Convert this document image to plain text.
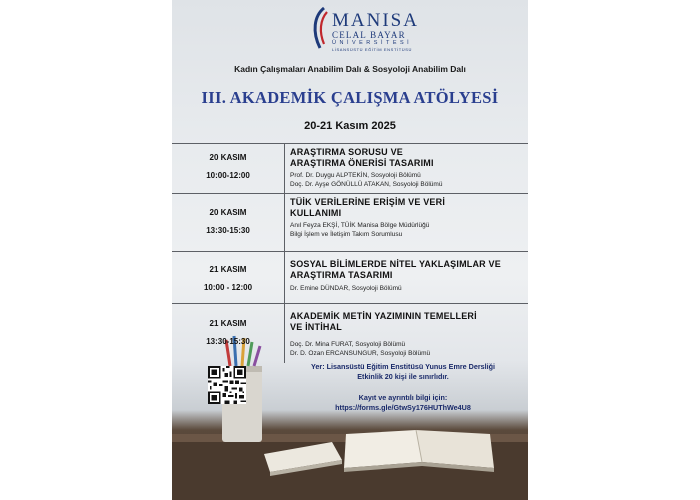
MANISA
CELAL BAYAR
ÜNİVERSİTESİ
LİSANSÜSTÜ EĞİTİM ENSTİTÜSÜ
Kadın Çalışmaları Anabilim Dalı & Sosyoloji Anabilim Dalı
III. AKADEMİK ÇALIŞMA ATÖLYESİ
20-21 Kasım 2025
20 KASIM
10:00-12:00
ARAŞTIRMA SORUSU VE
ARAŞTIRMA ÖNERİSİ TASARIMI
Prof. Dr. Duygu ALPTEKİN, Sosyoloji Bölümü
Doç. Dr. Ayşe GÖNÜLLÜ ATAKAN, Sosyoloji Bölümü
20 KASIM
13:30-15:30
TÜİK VERİLERİNE ERİŞİM VE VERİ
KULLANIMI
Anıl Feyza EKŞİ, TÜİK Manisa Bölge Müdürlüğü
Bilgi İşlem ve İletişim Takım Sorumlusu
21 KASIM
10:00 - 12:00
SOSYAL BİLİMLERDE NİTEL YAKLAŞIMLAR VE
ARAŞTIRMA TASARIMI
Dr. Emine DÜNDAR, Sosyoloji Bölümü
21 KASIM
13:30-15:30
AKADEMİK METİN YAZIMININ TEMELLERİ
VE İNTİHAL
Doç. Dr. Mina FURAT, Sosyoloji Bölümü
Dr. D. Ozan ERCANSUNGUR, Sosyoloji Bölümü
Yer: Lisansüstü Eğitim Enstitüsü Yunus Emre Dersliği
Etkinlik 20 kişi ile sınırlıdır.
Kayıt ve ayrıntılı bilgi için:
https://forms.gle/GtwSy176HUThWe4U8
